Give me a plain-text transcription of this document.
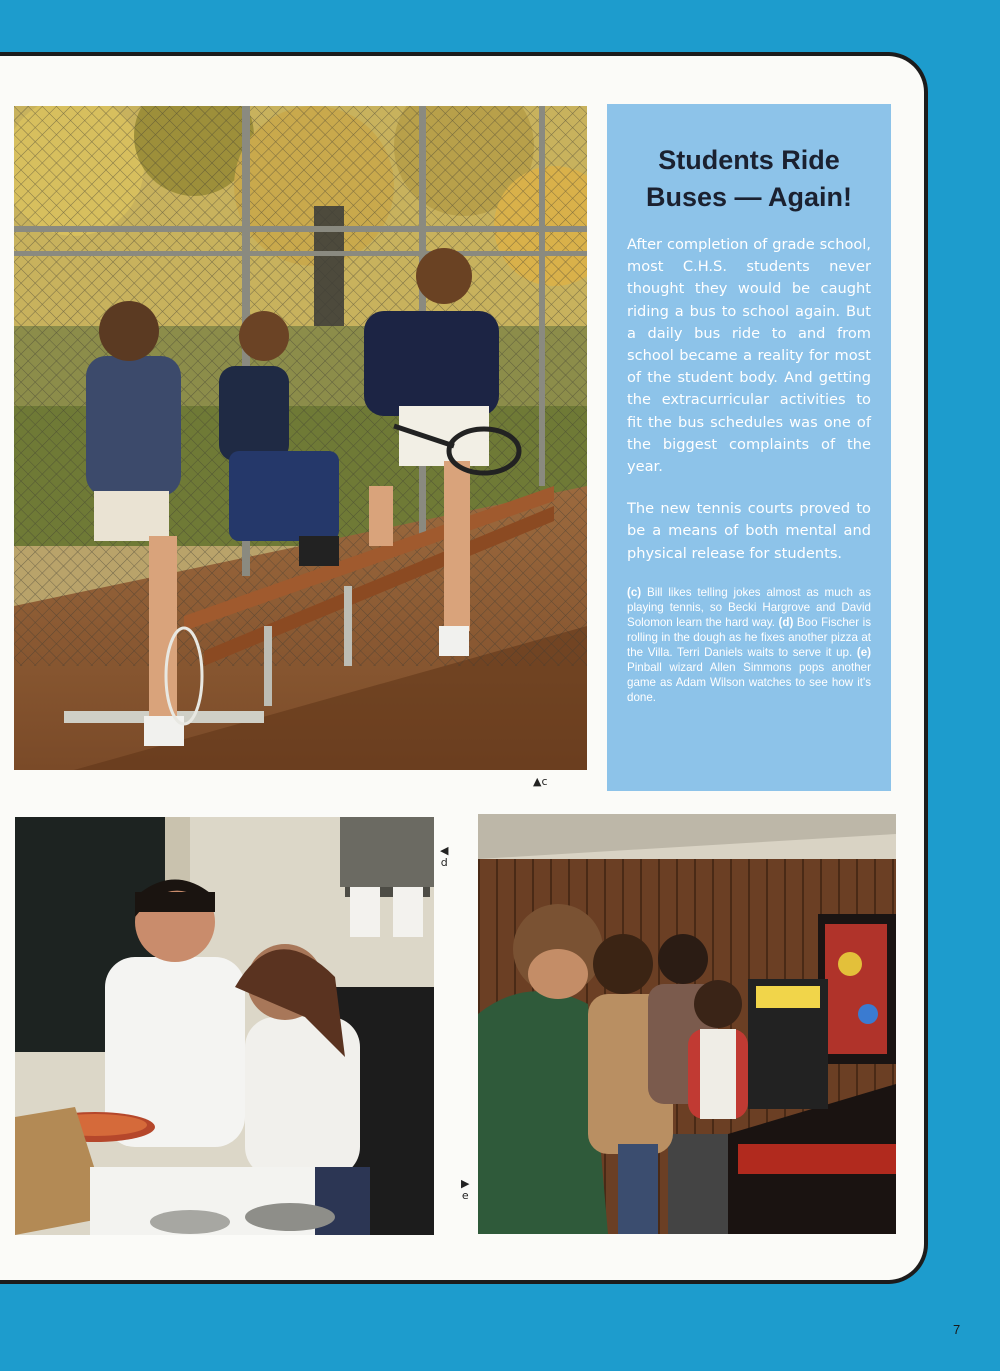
▲c
Students Ride
Buses — Again!

After completion of grade school, most C.H.S. students never thought they would be caught riding a bus to school again. But a daily bus ride to and from school became a reality for most of the student body. And getting the extracurricular activities to fit the bus schedules was one of the biggest complaints of the year.

The new tennis courts proved to be a means of both mental and physical release for students.

(c) Bill likes telling jokes almost as much as playing tennis, so Becki Hargrove and David Solomon learn the hard way. (d) Boo Fischer is rolling in the dough as he fixes another pizza at the Villa. Terri Daniels waits to serve it up. (e) Pinball wizard Allen Simmons pops another game as Adam Wilson watches to see how it's done.

◀
d
▶
e
7
